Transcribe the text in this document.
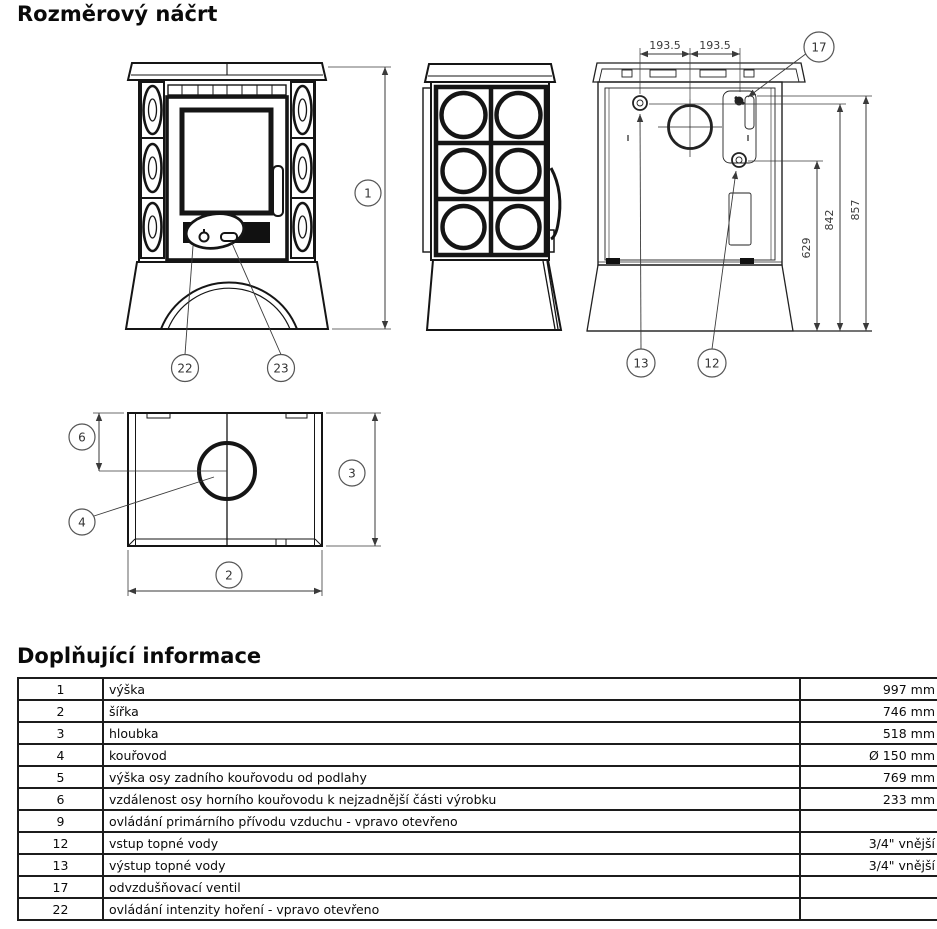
Rozměrový náčrt
1
22	23
193.5 193.5
629
842 857
13	12
17
6
4
3
2
Doplňující informace
1	výška	997 mm
2	šířka	746 mm
3	hloubka	518 mm
4	kouřovod	Ø 150 mm
5	výška osy zadního kouřovodu od podlahy	769 mm
6	vzdálenost osy horního kouřovodu k nejzadnější části výrobku	233 mm
9	ovládání primárního přívodu vzduchu - vpravo otevřeno	
12	vstup topné vody	3/4" vnější
13	výstup topné vody	3/4" vnější
17	odvzdušňovací ventil	
22	ovládání intenzity hoření - vpravo otevřeno	
